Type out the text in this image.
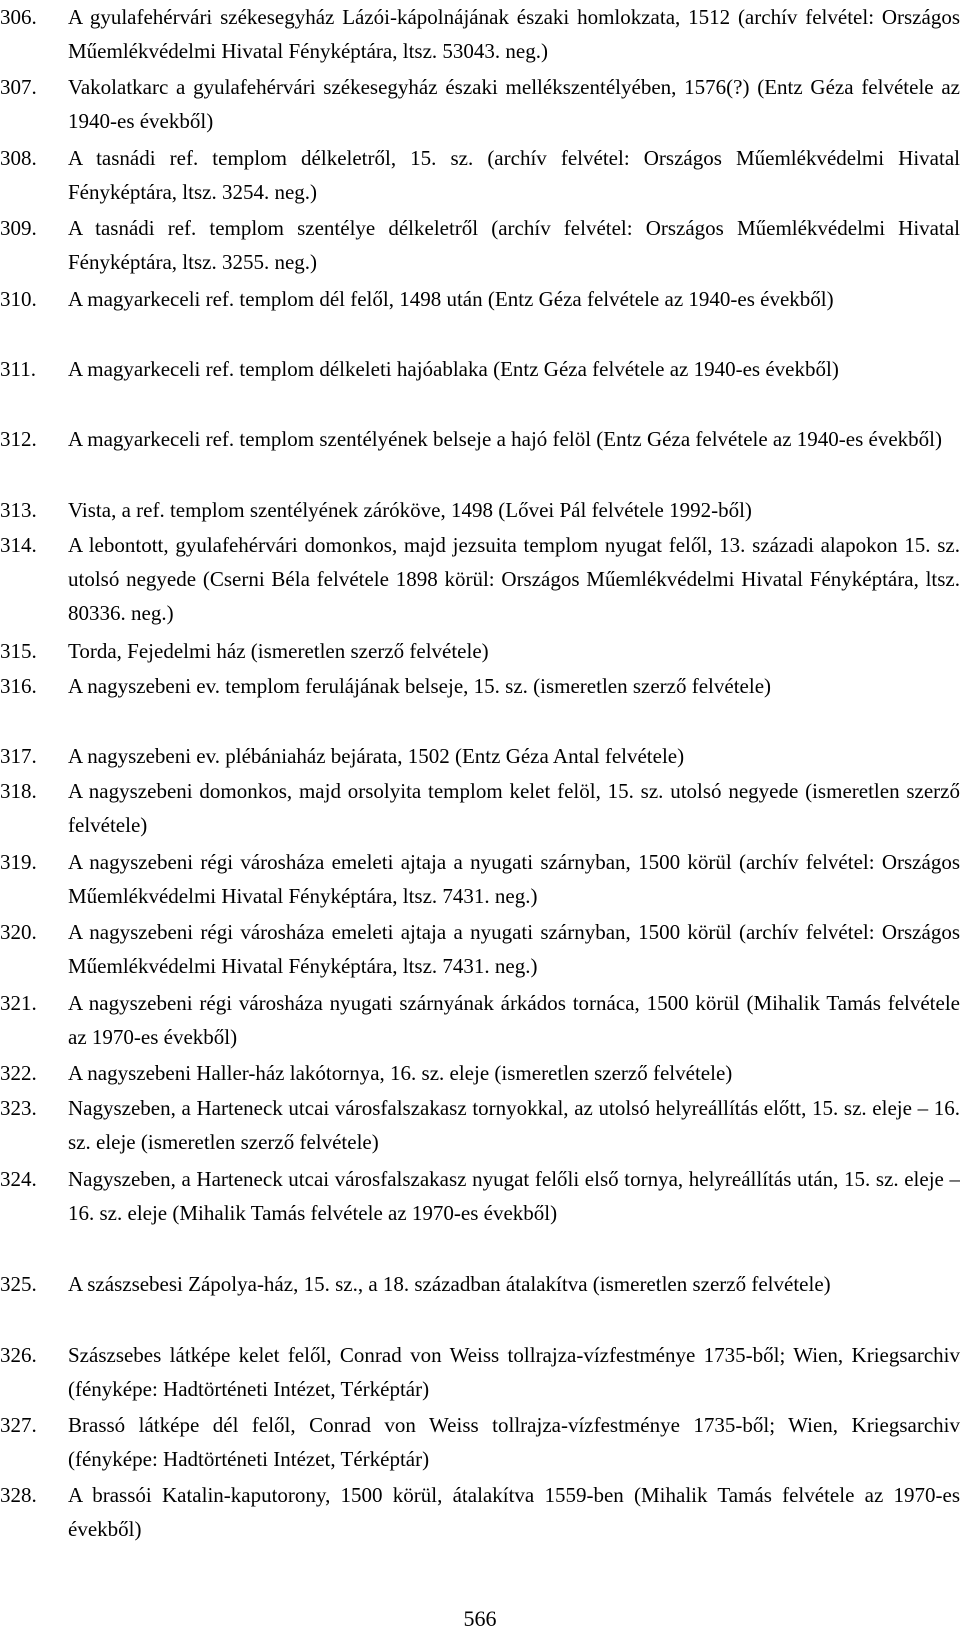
306.	A gyulafehérvári székesegyház Lázói-kápolnájának északi homlokzata, 1512 (archív felvétel: Országos Műemlékvédelmi Hivatal Fényképtára, ltsz. 53043. neg.)
307.	Vakolatkarc a gyulafehérvári székesegyház északi mellékszentélyében, 1576(?) (Entz Géza felvétele az 1940-es évekből)
308.	A tasnádi ref. templom délkeletről, 15. sz. (archív felvétel: Országos Műemlékvédelmi Hivatal Fényképtára, ltsz. 3254. neg.)
309.	A tasnádi ref. templom szentélye délkeletről (archív felvétel: Országos Műemlékvédelmi Hivatal Fényképtára, ltsz. 3255. neg.)
310.	A magyarkeceli ref. templom dél felől, 1498 után (Entz Géza felvétele az 1940-es évekből)
311.	A magyarkeceli ref. templom délkeleti hajóablaka (Entz Géza felvétele az 1940-es évekből)
312.	A magyarkeceli ref. templom szentélyének belseje a hajó felöl (Entz Géza felvétele az 1940-es évekből)
313.	Vista, a ref. templom szentélyének záróköve, 1498 (Lővei Pál felvétele 1992-ből)
314.	A lebontott, gyulafehérvári domonkos, majd jezsuita templom nyugat felől, 13. századi alapokon 15. sz. utolsó negyede (Cserni Béla felvétele 1898 körül: Országos Műemlékvédelmi Hivatal Fényképtára, ltsz. 80336. neg.)
315.	Torda, Fejedelmi ház (ismeretlen szerző felvétele)
316.	A nagyszebeni ev. templom ferulájának belseje, 15. sz. (ismeretlen szerző felvétele)
317.	A nagyszebeni ev. plébániaház bejárata, 1502 (Entz Géza Antal felvétele)
318.	A nagyszebeni domonkos, majd orsolyita templom kelet felöl, 15. sz. utolsó negyede (ismeretlen szerző felvétele)
319.	A nagyszebeni régi városháza emeleti ajtaja a nyugati szárnyban, 1500 körül (archív felvétel: Országos Műemlékvédelmi Hivatal Fényképtára, ltsz. 7431. neg.)
320.	A nagyszebeni régi városháza emeleti ajtaja a nyugati szárnyban, 1500 körül (archív felvétel: Országos Műemlékvédelmi Hivatal Fényképtára, ltsz. 7431. neg.)
321.	A nagyszebeni régi városháza nyugati szárnyának árkádos tornáca, 1500 körül (Mihalik Tamás felvétele az 1970-es évekből)
322.	A nagyszebeni Haller-ház lakótornya, 16. sz. eleje (ismeretlen szerző felvétele)
323.	Nagyszeben, a Harteneck utcai városfalszakasz tornyokkal, az utolsó helyreállítás előtt, 15. sz. eleje – 16. sz. eleje (ismeretlen szerző felvétele)
324.	Nagyszeben, a Harteneck utcai városfalszakasz nyugat felőli első tornya, helyreállítás után, 15. sz. eleje – 16. sz. eleje (Mihalik Tamás felvétele az 1970-es évekből)
325.	A szászsebesi Zápolya-ház, 15. sz., a 18. században átalakítva (ismeretlen szerző felvétele)
326.	Szászsebes látképe kelet felől, Conrad von Weiss tollrajza-vízfestménye 1735-ből; Wien, Kriegsarchiv (fényképe: Hadtörténeti Intézet, Térképtár)
327.	Brassó látképe dél felől, Conrad von Weiss tollrajza-vízfestménye 1735-ből; Wien, Kriegsarchiv (fényképe: Hadtörténeti Intézet, Térképtár)
328.	A brassói Katalin-kaputorony, 1500 körül, átalakítva 1559-ben (Mihalik Tamás felvétele az 1970-es évekből)
566
